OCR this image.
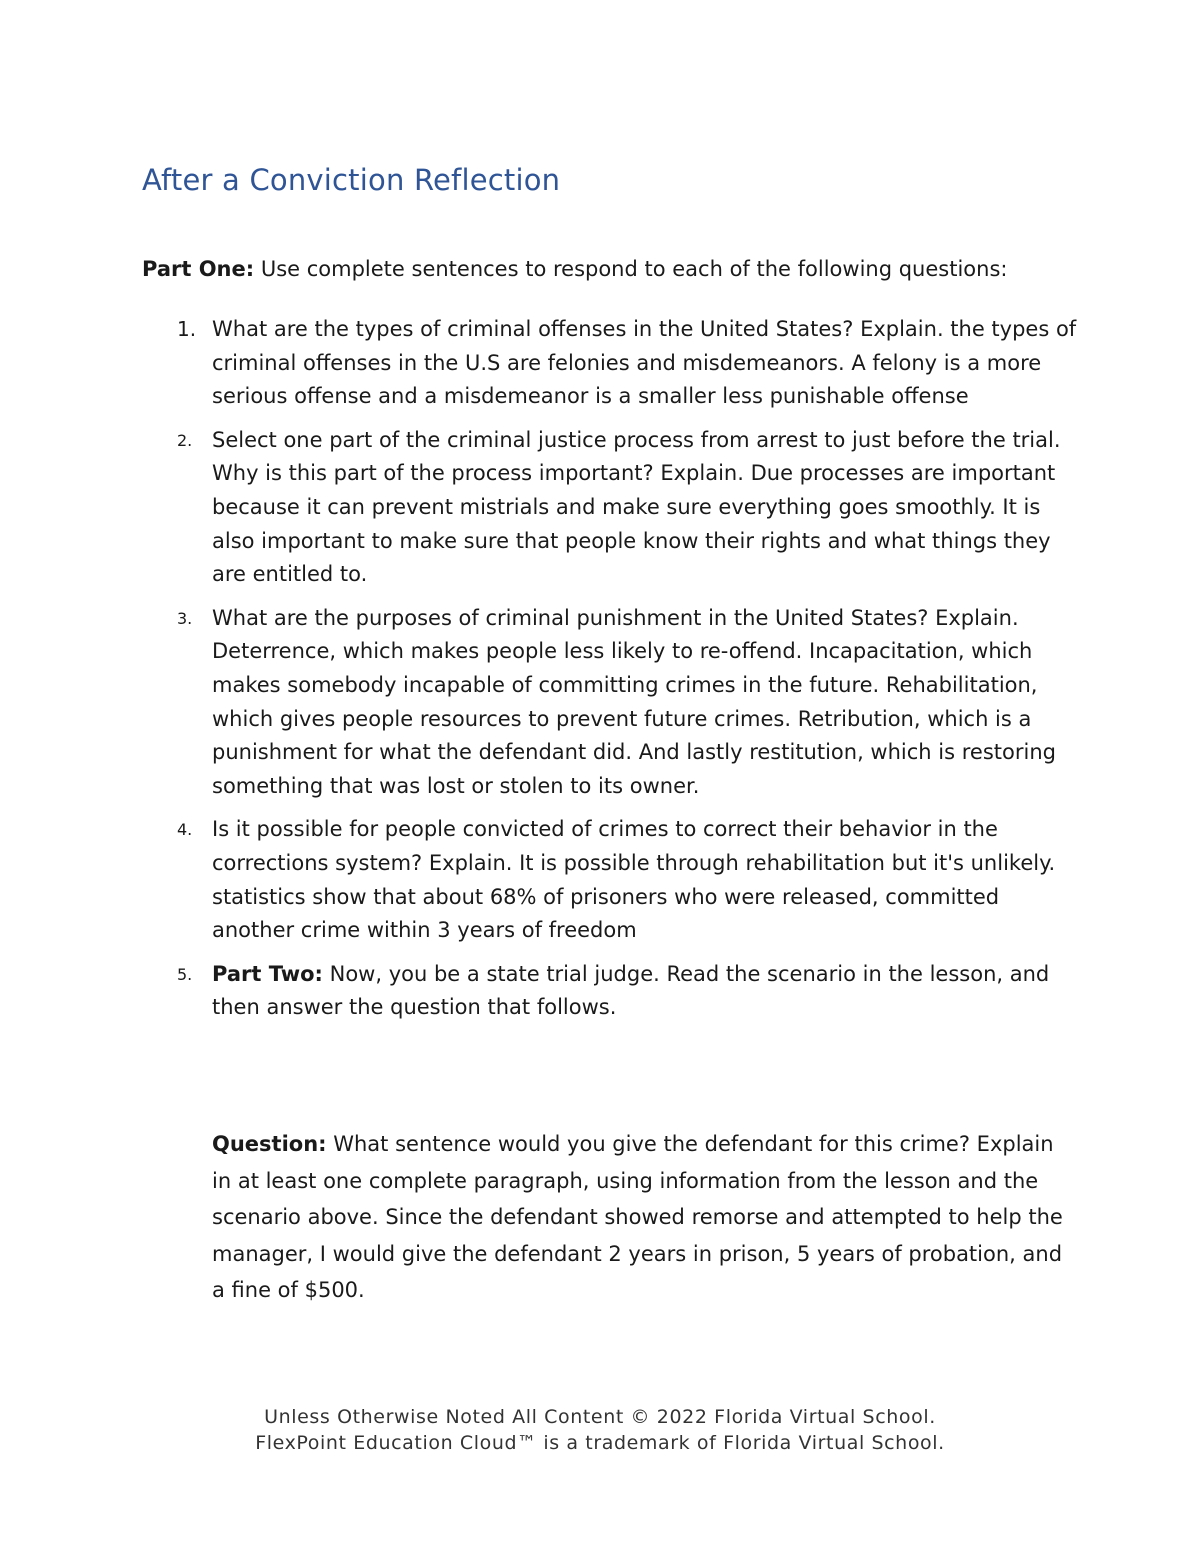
After a Conviction Reflection
Part One: Use complete sentences to respond to each of the following questions:
1. What are the types of criminal offenses in the United States? Explain. the types of criminal offenses in the U.S are felonies and misdemeanors. A felony is a more serious offense and a misdemeanor is a smaller less punishable offense
2. Select one part of the criminal justice process from arrest to just before the trial. Why is this part of the process important? Explain. Due processes are important because it can prevent mistrials and make sure everything goes smoothly. It is also important to make sure that people know their rights and what things they are entitled to.
3. What are the purposes of criminal punishment in the United States? Explain. Deterrence, which makes people less likely to re-offend. Incapacitation, which makes somebody incapable of committing crimes in the future. Rehabilitation, which gives people resources to prevent future crimes. Retribution, which is a punishment for what the defendant did. And lastly restitution, which is restoring something that was lost or stolen to its owner.
4. Is it possible for people convicted of crimes to correct their behavior in the corrections system? Explain. It is possible through rehabilitation but it's unlikely. statistics show that about 68% of prisoners who were released, committed another crime within 3 years of freedom
5. Part Two: Now, you be a state trial judge. Read the scenario in the lesson, and then answer the question that follows.
Question: What sentence would you give the defendant for this crime? Explain in at least one complete paragraph, using information from the lesson and the scenario above. Since the defendant showed remorse and attempted to help the manager, I would give the defendant 2 years in prison, 5 years of probation, and a fine of $500.
Unless Otherwise Noted All Content © 2022 Florida Virtual School.
FlexPoint Education Cloud™ is a trademark of Florida Virtual School.
